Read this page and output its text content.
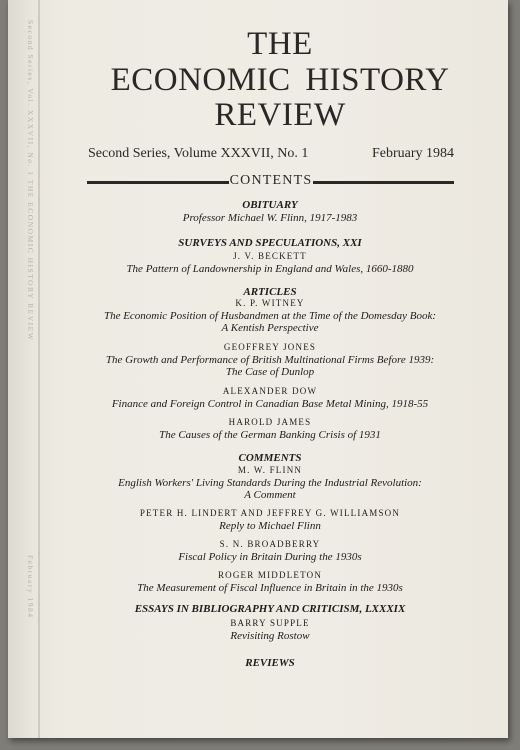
Second Series, Vol. XXXVII, No. 1 THE ECONOMIC HISTORY REVIEW
February 1984
THE
ECONOMIC HISTORY
REVIEW
Second Series, Volume XXXVII, No. 1	February 1984
CONTENTS
OBITUARY
Professor Michael W. Flinn, 1917-1983
SURVEYS AND SPECULATIONS, XXI
J. V. BECKETT
The Pattern of Landownership in England and Wales, 1660-1880
ARTICLES
K. P. WITNEY
The Economic Position of Husbandmen at the Time of the Domesday Book:
A Kentish Perspective
GEOFFREY JONES
The Growth and Performance of British Multinational Firms Before 1939:
The Case of Dunlop
ALEXANDER DOW
Finance and Foreign Control in Canadian Base Metal Mining, 1918-55
HAROLD JAMES
The Causes of the German Banking Crisis of 1931
COMMENTS
M. W. FLINN
English Workers' Living Standards During the Industrial Revolution:
A Comment
PETER H. LINDERT AND JEFFREY G. WILLIAMSON
Reply to Michael Flinn
S. N. BROADBERRY
Fiscal Policy in Britain During the 1930s
ROGER MIDDLETON
The Measurement of Fiscal Influence in Britain in the 1930s
ESSAYS IN BIBLIOGRAPHY AND CRITICISM, LXXXIX
BARRY SUPPLE
Revisiting Rostow
REVIEWS
